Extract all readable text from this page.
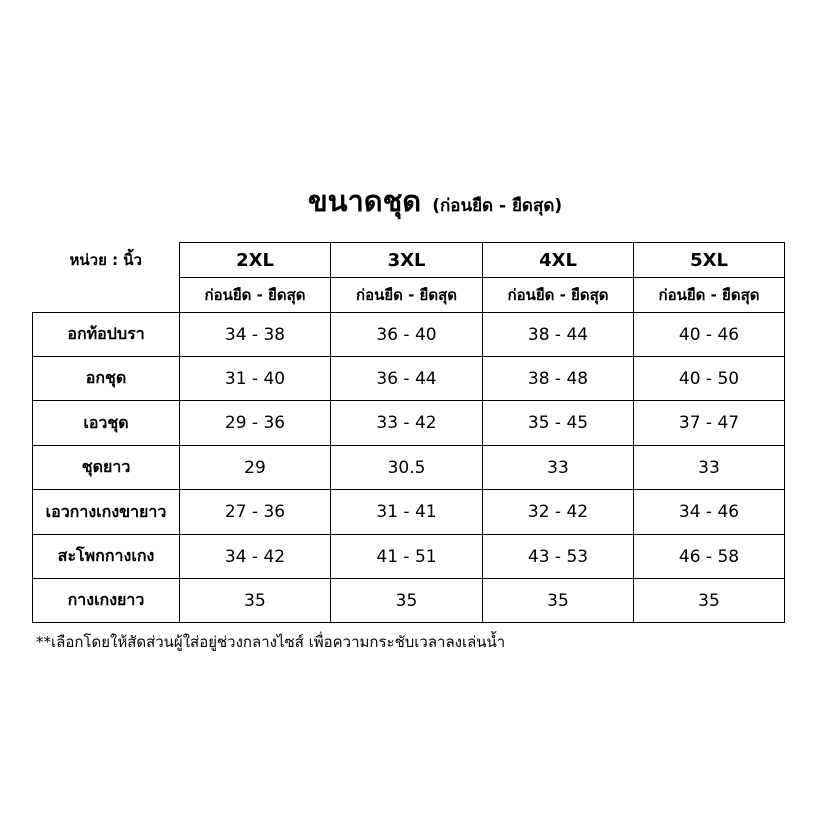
ขนาดชุด (ก่อนยืด - ยืดสุด)
หน่วย : นิ้ว	2XL	3XL	4XL	5XL
	ก่อนยืด - ยืดสุด	ก่อนยืด - ยืดสุด	ก่อนยืด - ยืดสุด	ก่อนยืด - ยืดสุด
อกท้อปบรา	34 - 38	36 - 40	38 - 44	40 - 46
อกชุด	31 - 40	36 - 44	38 - 48	40 - 50
เอวชุด	29 - 36	33 - 42	35 - 45	37 - 47
ชุดยาว	29	30.5	33	33
เอวกางเกงขายาว	27 - 36	31 - 41	32 - 42	34 - 46
สะโพกกางเกง	34 - 42	41 - 51	43 - 53	46 - 58
กางเกงยาว	35	35	35	35
**เลือกโดยให้สัดส่วนผู้ใส่อยู่ช่วงกลางไซส์ เพื่อความกระชับเวลาลงเล่นน้ำ
